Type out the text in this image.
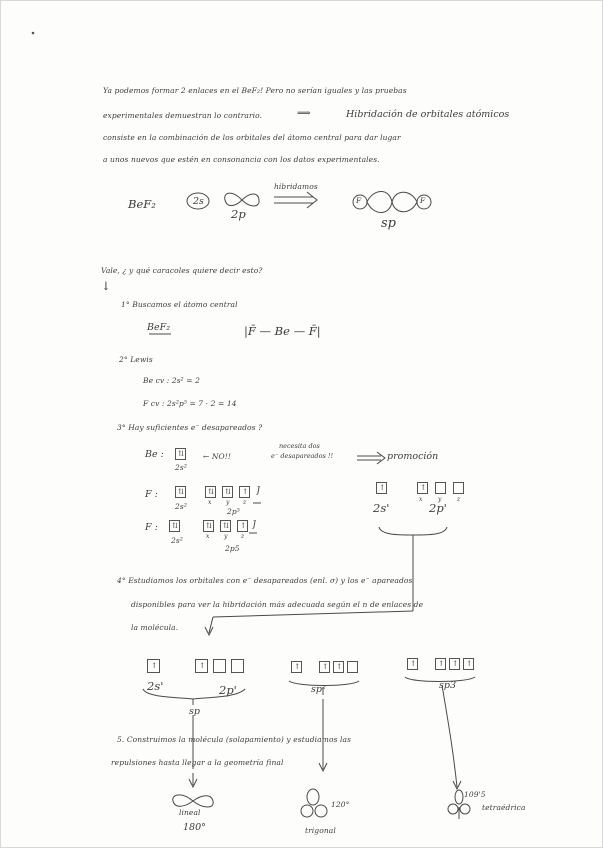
Ya podemos formar 2 enlaces en el BeF₂! Pero no serían iguales y las pruebas
experimentales demuestran lo contrario.	⟹	Hibridación de orbitales atómicos
consiste en la combinación de los orbitales del átomo central para dar lugar
a unos nuevos que estén en consonancia con los datos experimentales.
BeF₂	2s
2p
hibridamos
F	F
sp
Vale, ¿ y qué caracoles quiere decir esto?
↓
1° Buscamos el átomo central
BeF₂	|F̄ — Be — F̄|
2° Lewis
Be cv : 2s² = 2
F cv : 2s²p⁵ = 7 · 2 = 14
3° Hay suficientes e⁻ desapareados ?
Be : ⇅
2s²
← NO!!
necesita dos
e⁻ desapareados !!	promoción
F :	⇅	⇅ ⇅ ↑ ]
x y z
2s²
2p⁵
F : ⇅	⇅ ⇅ ↑ ]
x y z
2s²
2p5
↑	↑
x	y	z
2s'	2p'
4° Estudiamos los orbitales con e⁻ desapareados (enl. σ) y los e⁻ apareados
disponibles para ver la hibridación más adecuada según el n de enlaces de
la molécula.
↑	↑
2s'	2p'
↑	↑ ↑
sp²
↑	↑ ↑ ↑
sp3
sp
5. Construimos la molécula (solapamiento) y estudiamos las
repulsiones hasta llegar a la geometría final
lineal
180°
120°
trigonal
109'5
tetraédrica
